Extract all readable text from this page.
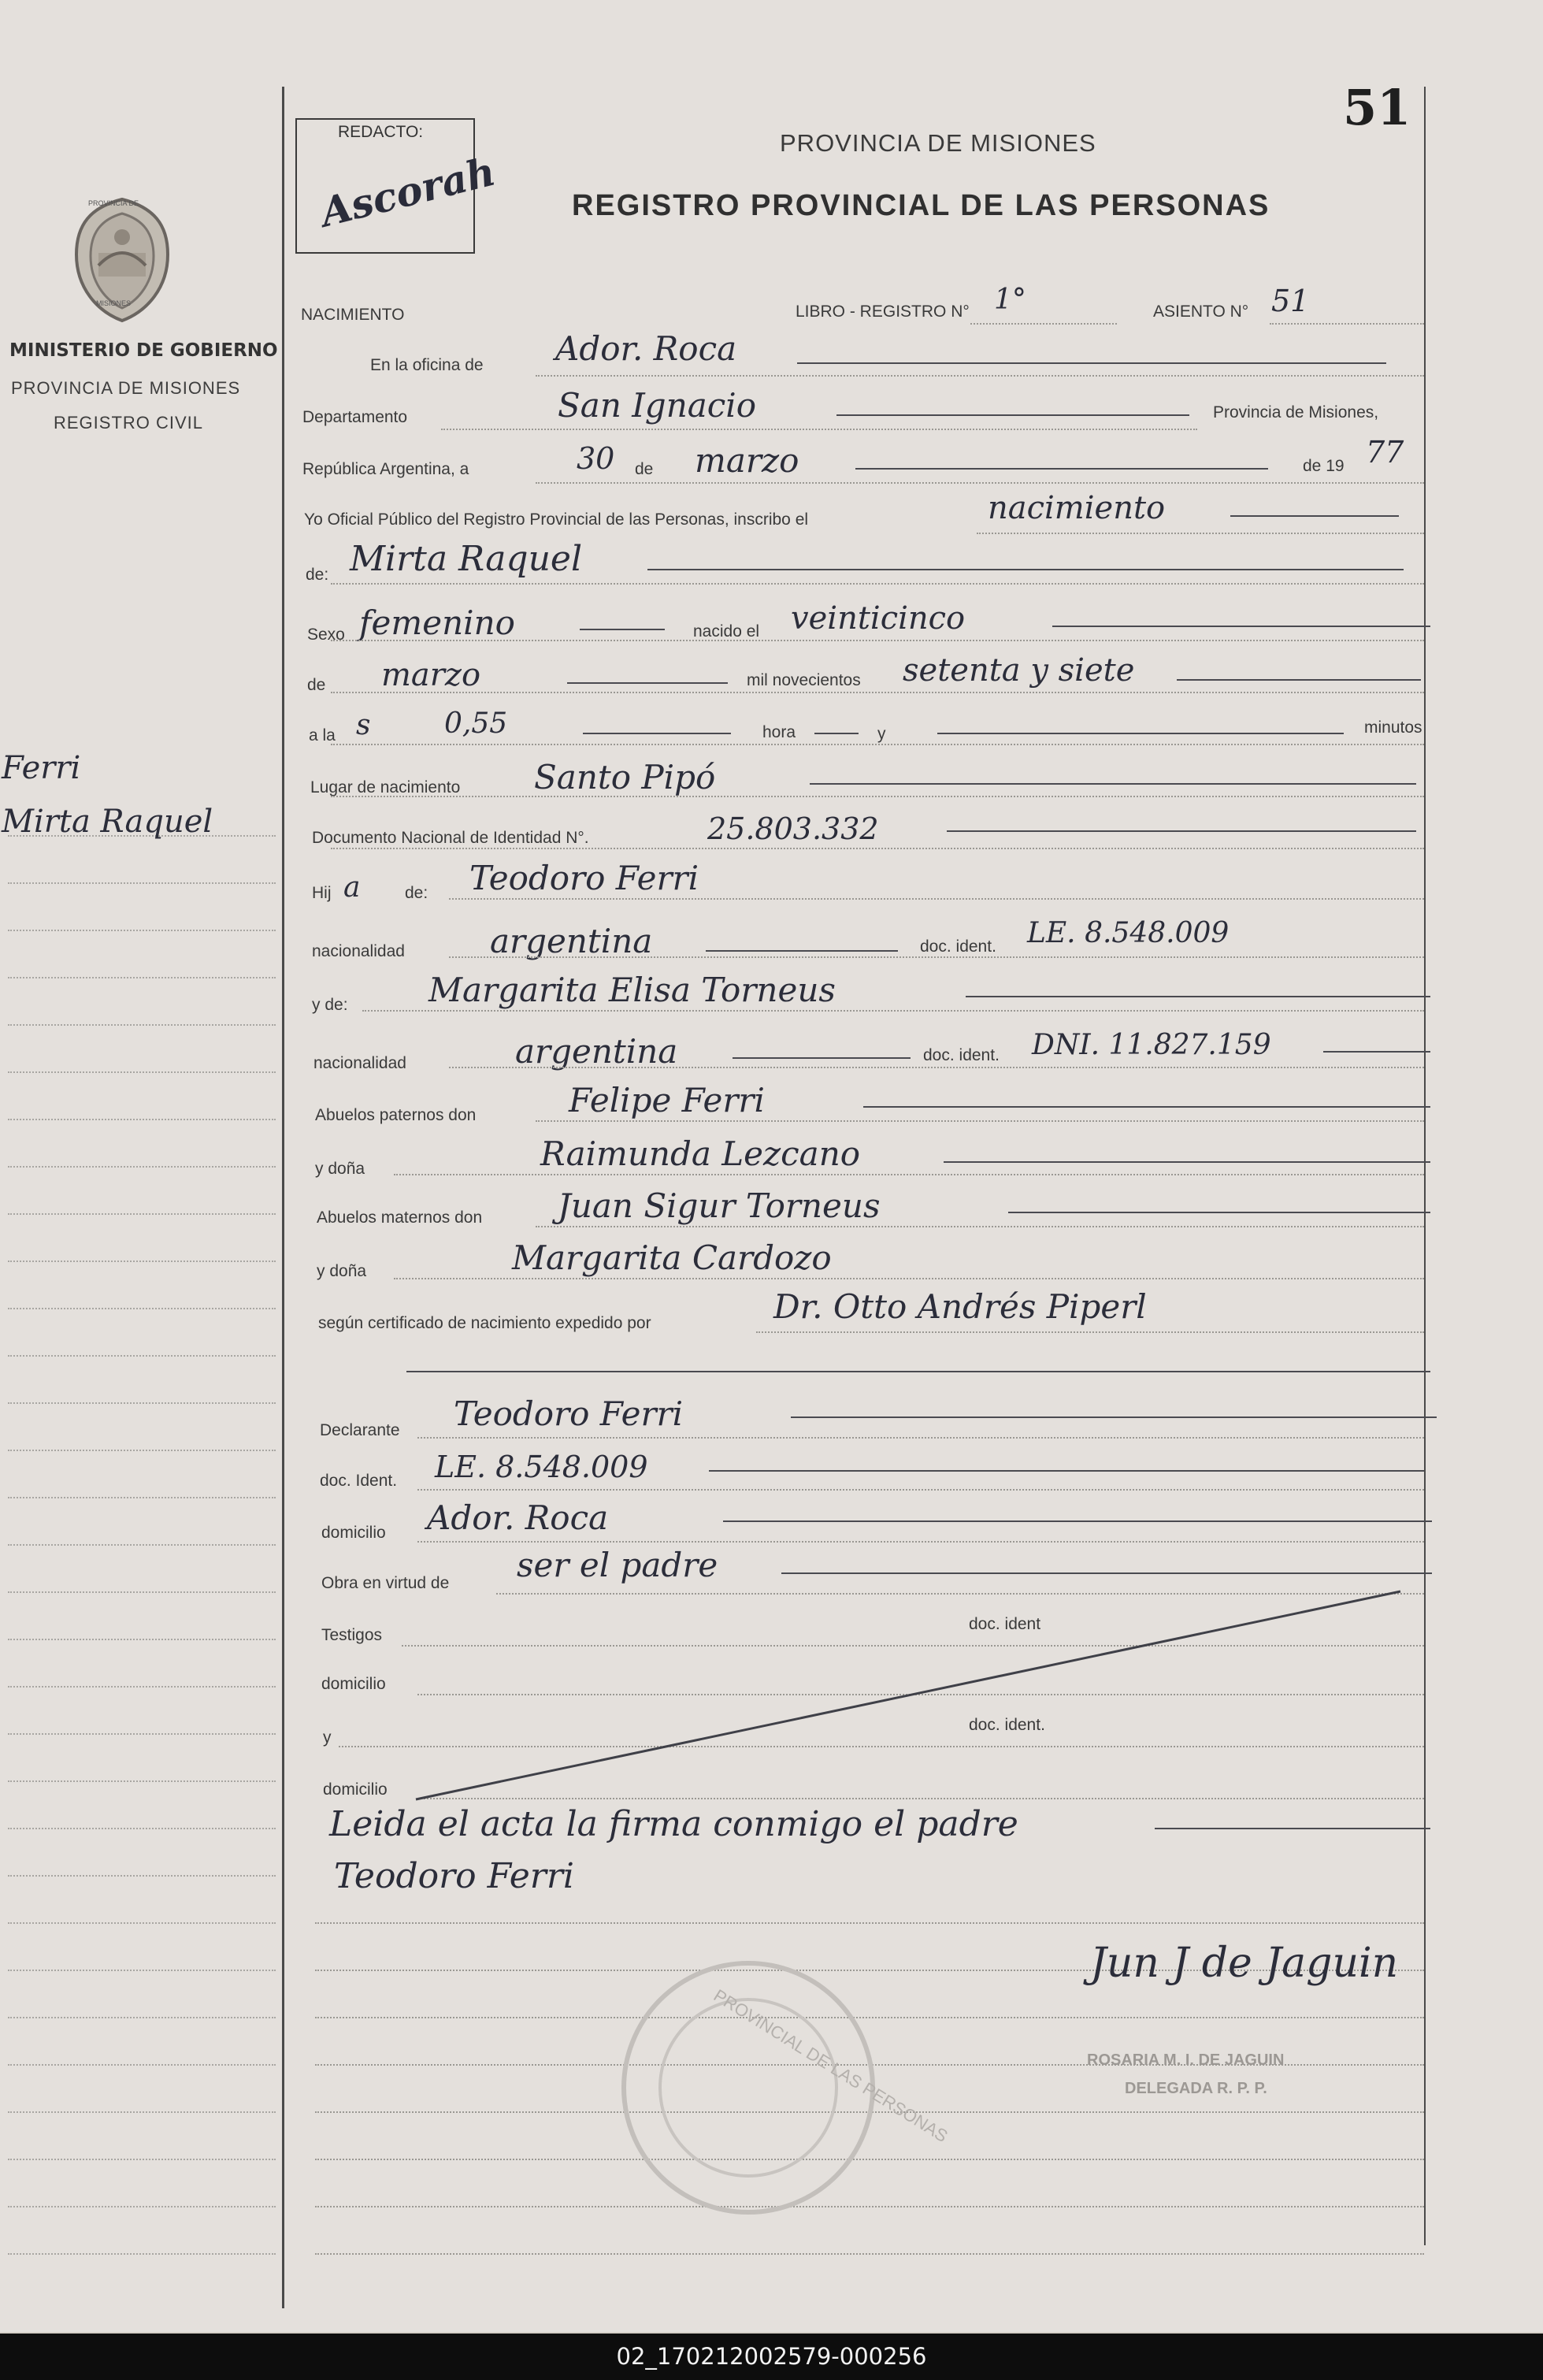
51
REDACTO:
Ascorah
PROVINCIA DE MISIONES
REGISTRO PROVINCIAL DE LAS PERSONAS
PROVINCIA DE
MISIONES
MINISTERIO DE GOBIERNO
PROVINCIA DE MISIONES
REGISTRO CIVIL
Ferri
Mirta Raquel
NACIMIENTO	LIBRO - REGISTRO N° 1°	ASIENTO N° 51
En la oficina de Ador. Roca
Departamento	San Ignacio	Provincia de Misiones,
República Argentina, a	30 de marzo	de 19 77
Yo Oficial Público del Registro Provincial de las Personas, inscribo el	nacimiento
de: Mirta Raquel
Sexo femenino	nacido el veinticinco
de marzo	mil novecientos setenta y siete
a la s	0,55	hora	y	minutos
Lugar de nacimiento Santo Pipó
Documento Nacional de Identidad N°.	25.803.332
Hij a	de: Teodoro Ferri
nacionalidad	argentina	doc. ident. LE. 8.548.009
y de: Margarita Elisa Torneus
nacionalidad	argentina	doc. ident. DNI. 11.827.159
Abuelos paternos don	Felipe Ferri
y doña	Raimunda Lezcano
Abuelos maternos don Juan Sigur Torneus
y doña	Margarita Cardozo
según certificado de nacimiento expedido por	Dr. Otto Andrés Piperl
Declarante Teodoro Ferri
doc. Ident. LE. 8.548.009
domicilio Ador. Roca
Obra en virtud de ser el padre
Testigos
doc. ident
domicilio
y
doc. ident.
domicilio
Leida el acta la firma conmigo el padre
Teodoro Ferri
PROVINCIAL DE LAS PERSONAS
Jun J de Jaguin
ROSARIA M. I. DE JAGUIN
DELEGADA R. P. P.
02_170212002579-000256
